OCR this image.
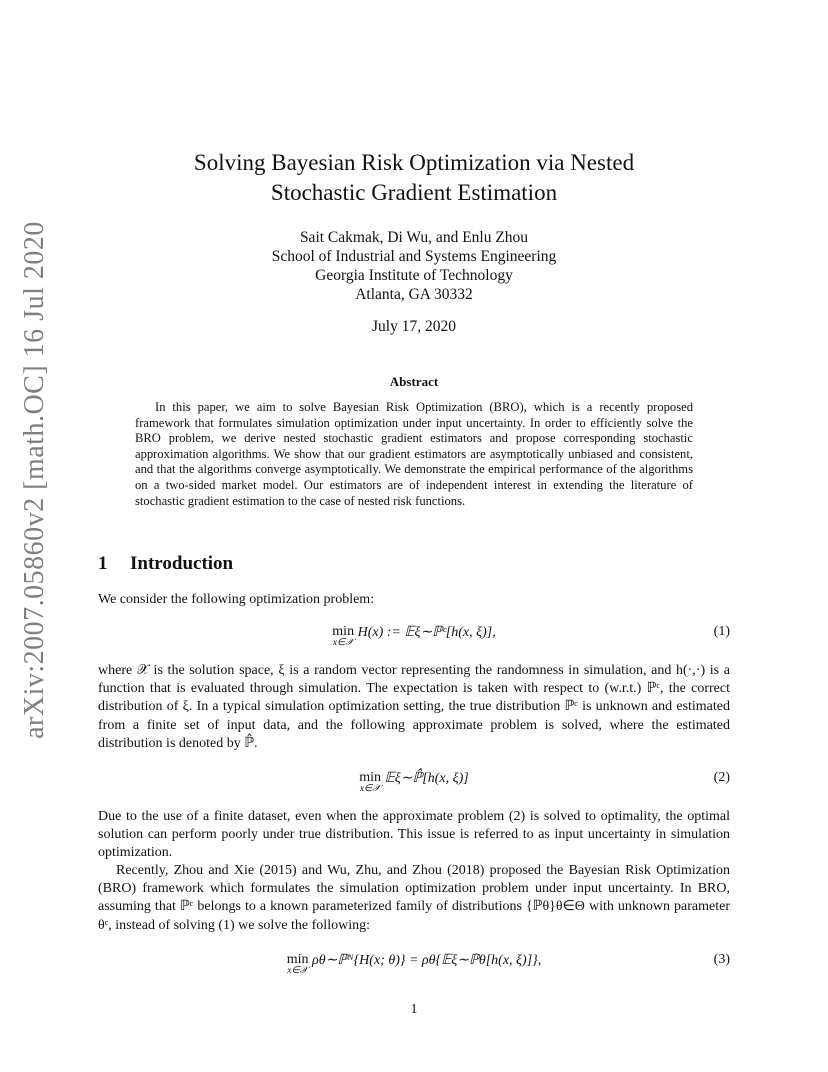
arXiv:2007.05860v2 [math.OC] 16 Jul 2020
Solving Bayesian Risk Optimization via Nested
Stochastic Gradient Estimation
Sait Cakmak, Di Wu, and Enlu Zhou
School of Industrial and Systems Engineering
Georgia Institute of Technology
Atlanta, GA 30332
July 17, 2020
Abstract
In this paper, we aim to solve Bayesian Risk Optimization (BRO), which is a recently proposed framework that formulates simulation optimization under input uncertainty. In order to efficiently solve the BRO problem, we derive nested stochastic gradient estimators and propose corresponding stochastic approximation algorithms. We show that our gradient estimators are asymptotically unbiased and consistent, and that the algorithms converge asymptotically. We demonstrate the empirical performance of the algorithms on a two-sided market model. Our estimators are of independent interest in extending the literature of stochastic gradient estimation to the case of nested risk functions.
1 Introduction
We consider the following optimization problem:
min
x∈𝒳
H(x) := 𝔼ξ∼ℙᶜ[h(x, ξ)],	(1)
where 𝒳 is the solution space, ξ is a random vector representing the randomness in simulation, and h(·,·) is a function that is evaluated through simulation. The expectation is taken with respect to (w.r.t.) ℙᶜ, the correct distribution of ξ. In a typical simulation optimization setting, the true distribution ℙᶜ is unknown and estimated from a finite set of input data, and the following approximate problem is solved, where the estimated distribution is denoted by ℙ̂.
min
x∈𝒳
𝔼ξ∼ℙ̂[h(x, ξ)]	(2)
Due to the use of a finite dataset, even when the approximate problem (2) is solved to optimality, the optimal solution can perform poorly under true distribution. This issue is referred to as input uncertainty in simulation optimization.
Recently, Zhou and Xie (2015) and Wu, Zhu, and Zhou (2018) proposed the Bayesian Risk Optimization (BRO) framework which formulates the simulation optimization problem under input uncertainty. In BRO, assuming that ℙᶜ belongs to a known parameterized family of distributions {ℙθ}θ∈Θ with unknown parameter θᶜ, instead of solving (1) we solve the following:
min
x∈𝒳
ρθ∼ℙᴺ{H(x; θ)} = ρθ{𝔼ξ∼ℙθ[h(x, ξ)]},	(3)
1
